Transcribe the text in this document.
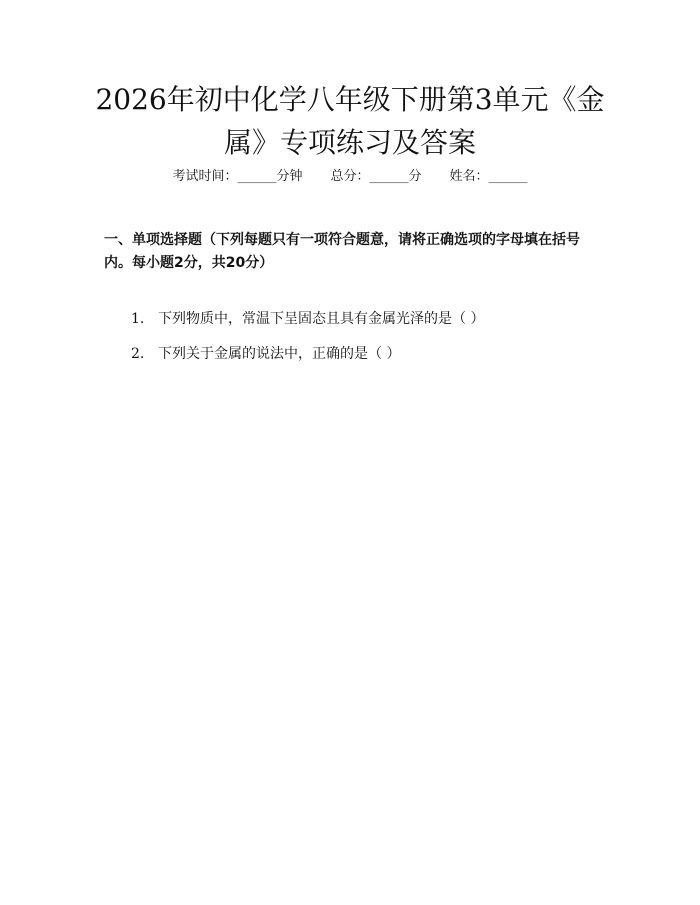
2026年初中化学八年级下册第3单元《金
属》专项练习及答案
考试时间：______分钟 总分：______分 姓名：______
一、单项选择题（下列每题只有一项符合题意，请将正确选项的字母填在括号
内。每小题2分，共20分）
1. 下列物质中，常温下呈固态且具有金属光泽的是（ ）
2. 下列关于金属的说法中，正确的是（ ）
